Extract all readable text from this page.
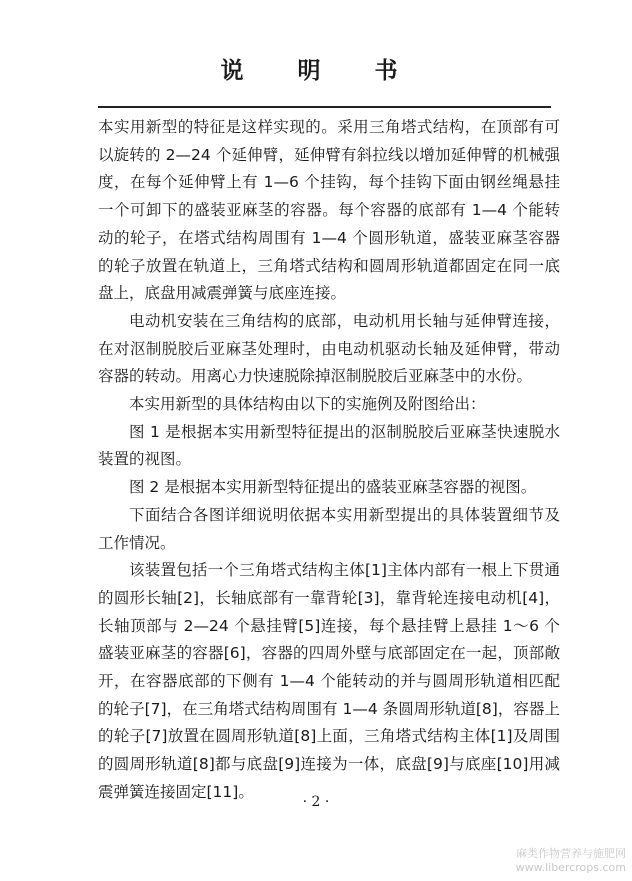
说明书

本实用新型的特征是这样实现的。采用三角塔式结构，在顶部有可以旋转的 2—24 个延伸臂，延伸臂有斜拉线以增加延伸臂的机械强度，在每个延伸臂上有 1—6 个挂钩，每个挂钩下面由钢丝绳悬挂一个可卸下的盛装亚麻茎的容器。每个容器的底部有 1—4 个能转动的轮子，在塔式结构周围有 1—4 个圆形轨道，盛装亚麻茎容器的轮子放置在轨道上，三角塔式结构和圆周形轨道都固定在同一底盘上，底盘用减震弹簧与底座连接。

电动机安装在三角结构的底部，电动机用长轴与延伸臂连接，在对沤制脱胶后亚麻茎处理时，由电动机驱动长轴及延伸臂，带动容器的转动。用离心力快速脱除掉沤制脱胶后亚麻茎中的水份。

本实用新型的具体结构由以下的实施例及附图给出：

图 1 是根据本实用新型特征提出的沤制脱胶后亚麻茎快速脱水装置的视图。

图 2 是根据本实用新型特征提出的盛装亚麻茎容器的视图。

下面结合各图详细说明依据本实用新型提出的具体装置细节及工作情况。

该装置包括一个三角塔式结构主体[1]主体内部有一根上下贯通的圆形长轴[2]，长轴底部有一靠背轮[3]，靠背轮连接电动机[4]，长轴顶部与 2—24 个悬挂臂[5]连接，每个悬挂臂上悬挂 1～6 个盛装亚麻茎的容器[6]，容器的四周外壁与底部固定在一起，顶部敞开，在容器底部的下侧有 1—4 个能转动的并与圆周形轨道相匹配的轮子[7]，在三角塔式结构周围有 1—4 条圆周形轨道[8]，容器上的轮子[7]放置在圆周形轨道[8]上面，三角塔式结构主体[1]及周围的圆周形轨道[8]都与底盘[9]连接为一体，底盘[9]与底座[10]用减震弹簧连接固定[11]。

· 2 ·
麻类作物营养与施肥网
www.libercrops.com
